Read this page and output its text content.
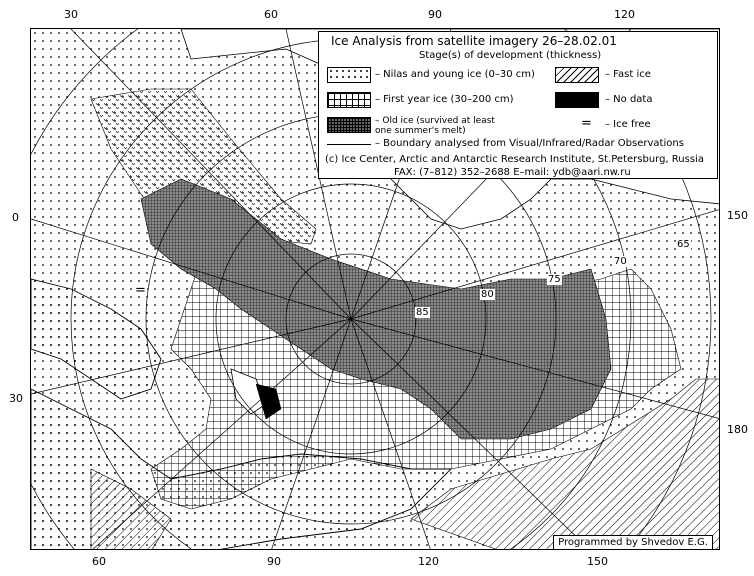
30	60	90	120
60	90	120	150
0
30
150
180
85
80
75
70
65
=
Ice Analysis from satellite imagery 26–28.02.01
Stage(s) of development (thickness)
– Nilas and young ice (0–30 cm)	– Fast ice
– First year ice (30–200 cm)	– No data
– Old ice (survived at least one summer's melt)	= – Ice free
– Boundary analysed from Visual/Infrared/Radar Observations
(c) Ice Center, Arctic and Antarctic Research Institute, St.Petersburg, Russia
FAX: (7–812) 352–2688 E–mail: ydb@aari.nw.ru
Programmed by Shvedov E.G.
